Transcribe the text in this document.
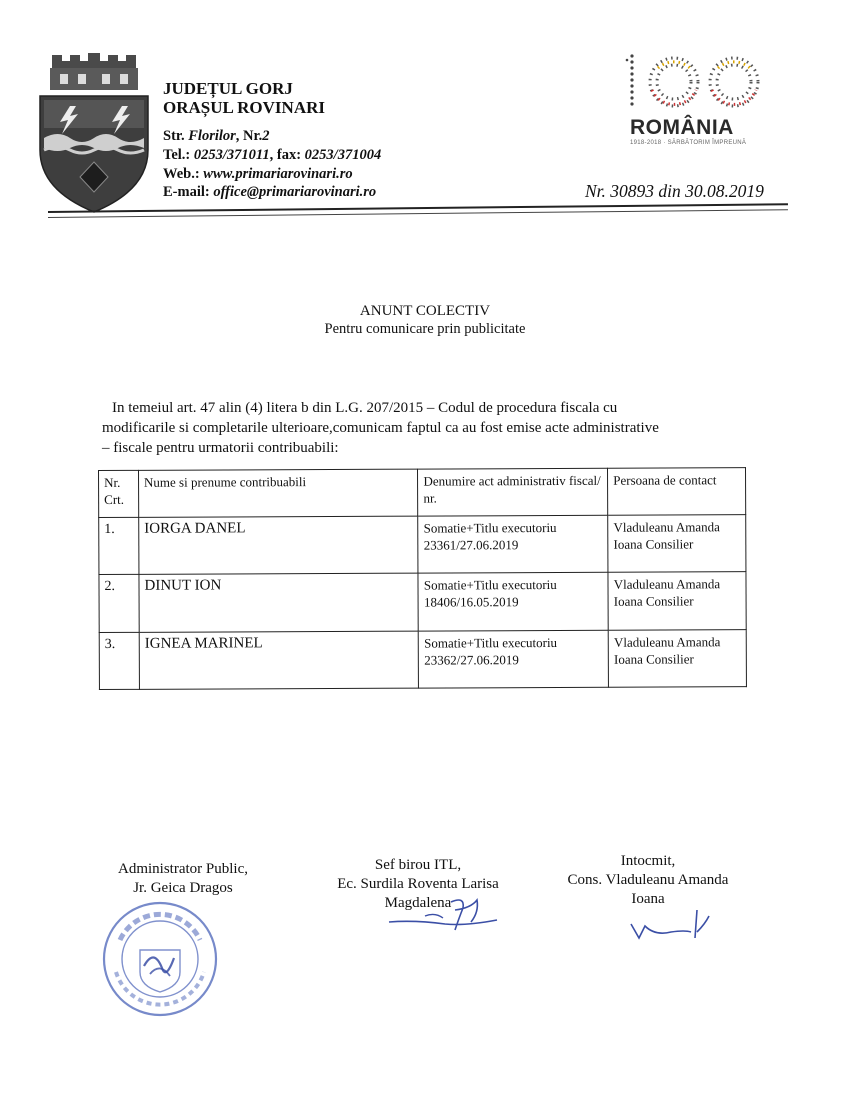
JUDEȚUL GORJ
ORAȘUL ROVINARI
Str. Florilor, Nr.2
Tel.: 0253/371011, fax: 0253/371004
Web.: www.primariarovinari.ro
E-mail: office@primariarovinari.ro
ROMÂNIA
1918-2018 · SĂRBĂTORIM ÎMPREUNĂ
Nr. 30893 din 30.08.2019
ANUNT COLECTIV
Pentru comunicare prin publicitate
In temeiul art. 47 alin (4) litera b din L.G. 207/2015 – Codul de procedura fiscala cu
modificarile si completarile ulterioare,comunicam faptul ca au fost emise acte administrative
– fiscale pentru urmatorii contribuabili:
Nr. Crt.	Nume si prenume contribuabili	Denumire act administrativ fiscal/ nr.	Persoana de contact
1.	IORGA DANEL	Somatie+Titlu executoriu 23361/27.06.2019	Vladuleanu Amanda Ioana Consilier
2.	DINUT ION	Somatie+Titlu executoriu 18406/16.05.2019	Vladuleanu Amanda Ioana Consilier
3.	IGNEA MARINEL	Somatie+Titlu executoriu 23362/27.06.2019	Vladuleanu Amanda Ioana Consilier
Administrator Public,
Jr. Geica Dragos
Sef birou ITL,
Ec. Surdila Roventa Larisa
Magdalena
Intocmit,
Cons. Vladuleanu Amanda
Ioana
